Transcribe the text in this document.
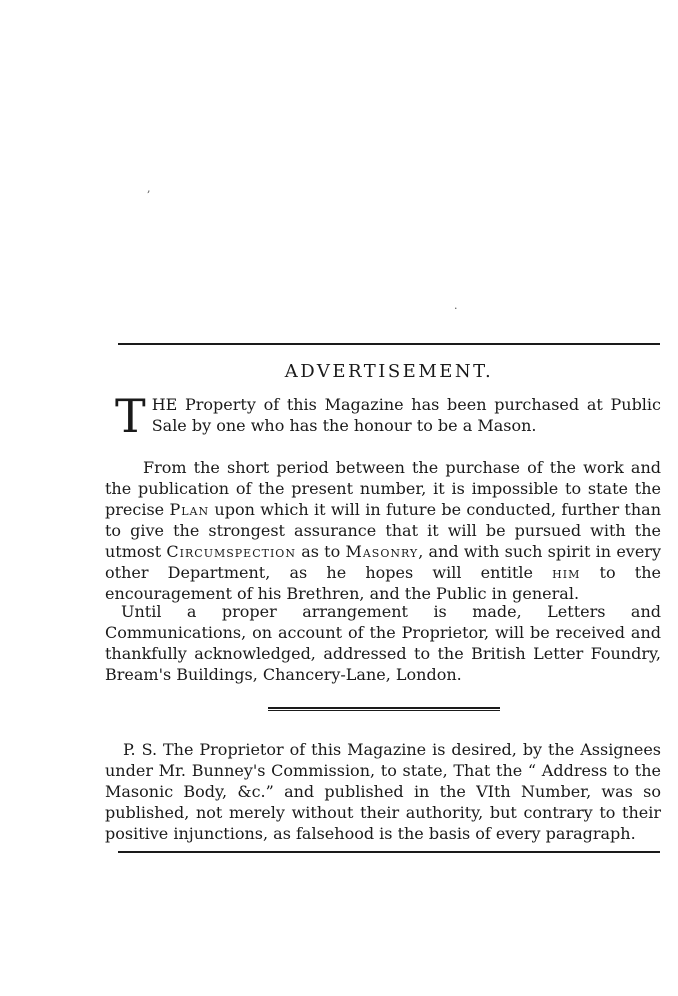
,
.
ADVERTISEMENT.

THE Property of this Magazine has been purchased at Public Sale by one who has the honour to be a Mason.

From the short period between the purchase of the work and the publication of the present number, it is impossible to state the precise Plan upon which it will in future be conducted, further than to give the strongest assurance that it will be pursued with the utmost Circumspection as to Masonry, and with such spirit in every other Department, as he hopes will entitle him to the encouragement of his Brethren, and the Public in general.

Until a proper arrangement is made, Letters and Communications, on account of the Proprietor, will be received and thankfully acknowledged, addressed to the British Letter Foundry, Bream's Buildings, Chancery-Lane, London.

P. S. The Proprietor of this Magazine is desired, by the Assignees under Mr. Bunney's Commission, to state, That the “ Address to the Masonic Body, &c.” and published in the VIth Number, was so published, not merely without their authority, but contrary to their positive injunctions, as falsehood is the basis of every paragraph.
